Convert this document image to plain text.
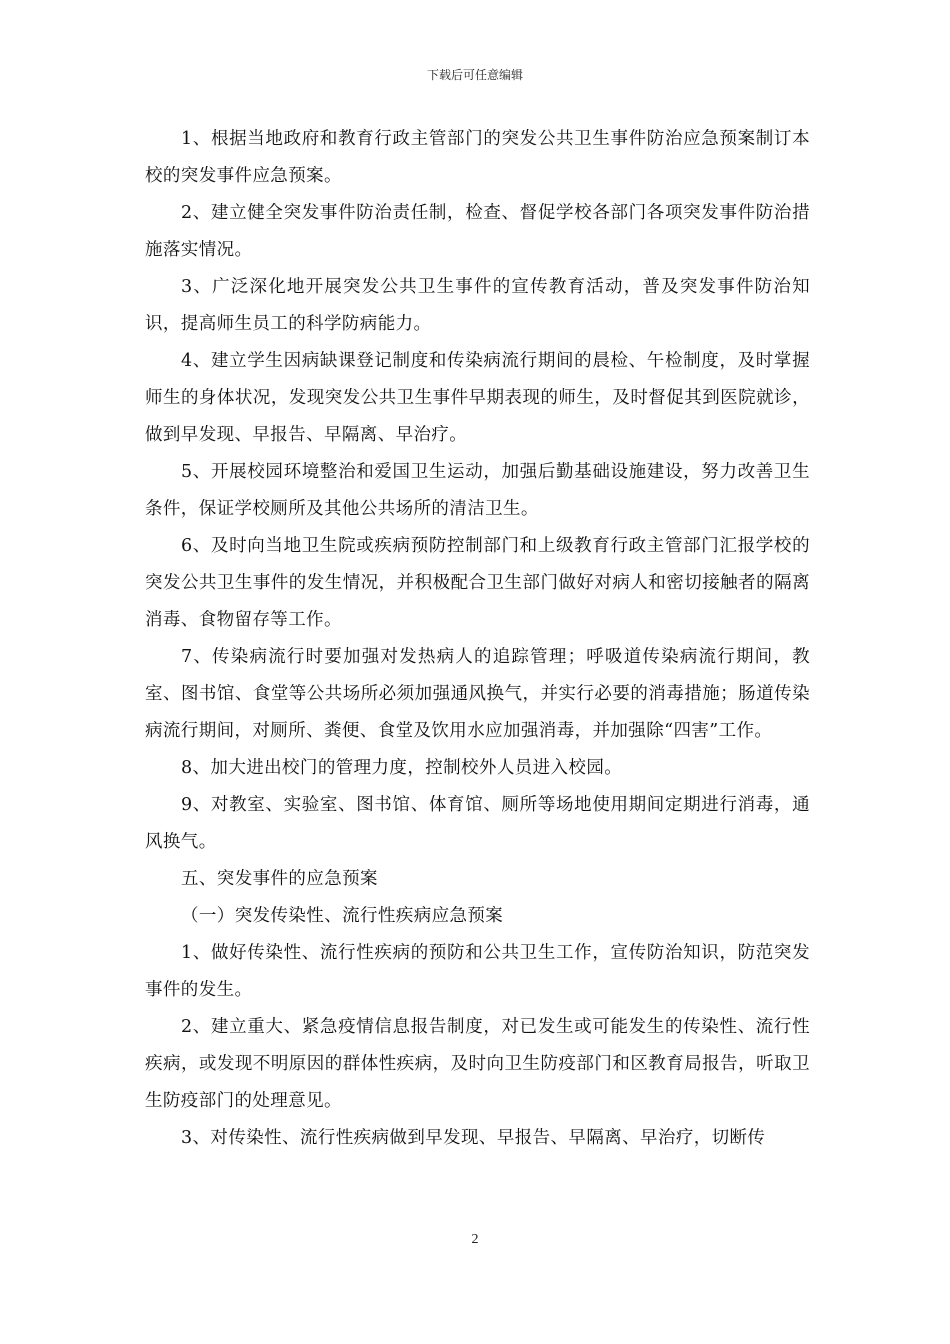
下载后可任意编辑

1、根据当地政府和教育行政主管部门的突发公共卫生事件防治应急预案制订本校的突发事件应急预案。

2、建立健全突发事件防治责任制，检查、督促学校各部门各项突发事件防治措施落实情况。

3、广泛深化地开展突发公共卫生事件的宣传教育活动，普及突发事件防治知识，提高师生员工的科学防病能力。

4、建立学生因病缺课登记制度和传染病流行期间的晨检、午检制度，及时掌握师生的身体状况，发现突发公共卫生事件早期表现的师生，及时督促其到医院就诊，做到早发现、早报告、早隔离、早治疗。

5、开展校园环境整治和爱国卫生运动，加强后勤基础设施建设，努力改善卫生条件，保证学校厕所及其他公共场所的清洁卫生。

6、及时向当地卫生院或疾病预防控制部门和上级教育行政主管部门汇报学校的突发公共卫生事件的发生情况，并积极配合卫生部门做好对病人和密切接触者的隔离消毒、食物留存等工作。

7、传染病流行时要加强对发热病人的追踪管理；呼吸道传染病流行期间，教室、图书馆、食堂等公共场所必须加强通风换气，并实行必要的消毒措施；肠道传染病流行期间，对厕所、粪便、食堂及饮用水应加强消毒，并加强除“四害”工作。

8、加大进出校门的管理力度，控制校外人员进入校园。

9、对教室、实验室、图书馆、体育馆、厕所等场地使用期间定期进行消毒，通风换气。

五、突发事件的应急预案

（一）突发传染性、流行性疾病应急预案

1、做好传染性、流行性疾病的预防和公共卫生工作，宣传防治知识，防范突发事件的发生。

2、建立重大、紧急疫情信息报告制度，对已发生或可能发生的传染性、流行性疾病，或发现不明原因的群体性疾病，及时向卫生防疫部门和区教育局报告，听取卫生防疫部门的处理意见。

3、对传染性、流行性疾病做到早发现、早报告、早隔离、早治疗，切断传

2
